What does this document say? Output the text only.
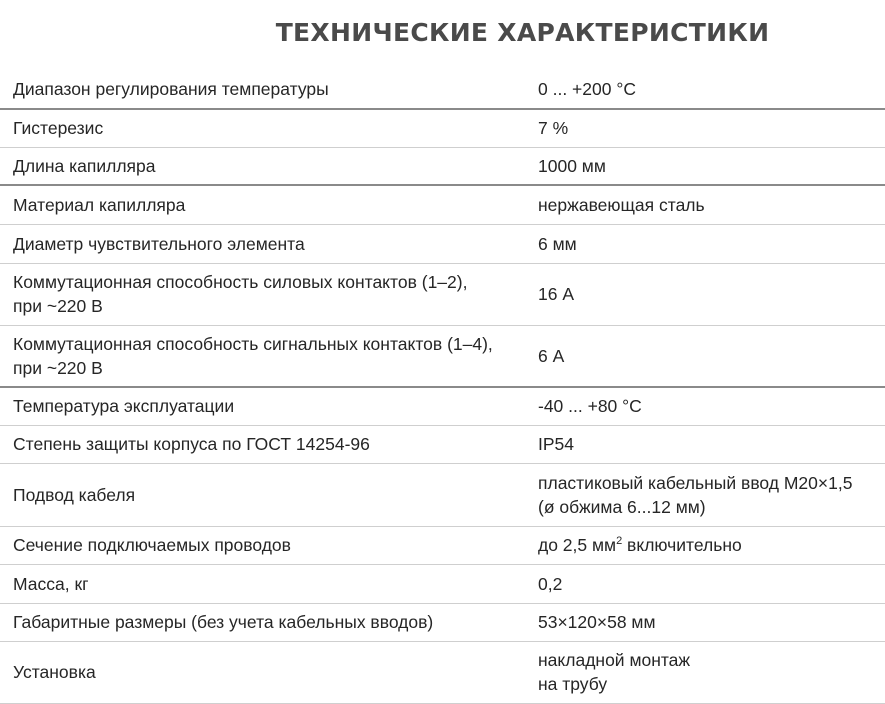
ТЕХНИЧЕСКИЕ ХАРАКТЕРИСТИКИ
Диапазон регулирования температуры	0 ... +200 °C
Гистерезис	7 %
Длина капилляра	1000 мм
Материал капилляра	нержавеющая сталь
Диаметр чувствительного элемента	6 мм

Коммутационная способность силовых контактов (1–2),
при ~220 В	16 А

Коммутационная способность сигнальных контактов (1–4),
при ~220 В	6 А
Температура эксплуатации	-40 ... +80 °C
Степень защиты корпуса по ГОСТ 14254-96	IP54
Подвод кабеля	пластиковый кабельный ввод М20×1,5
(ø обжима 6...12 мм)

Сечение подключаемых проводов	до 2,5 $мм^2$ включительно
Масса, кг	0,2
Габаритные размеры (без учета кабельных вводов)	53×120×58 мм
Установка	накладной монтаж
на трубу
